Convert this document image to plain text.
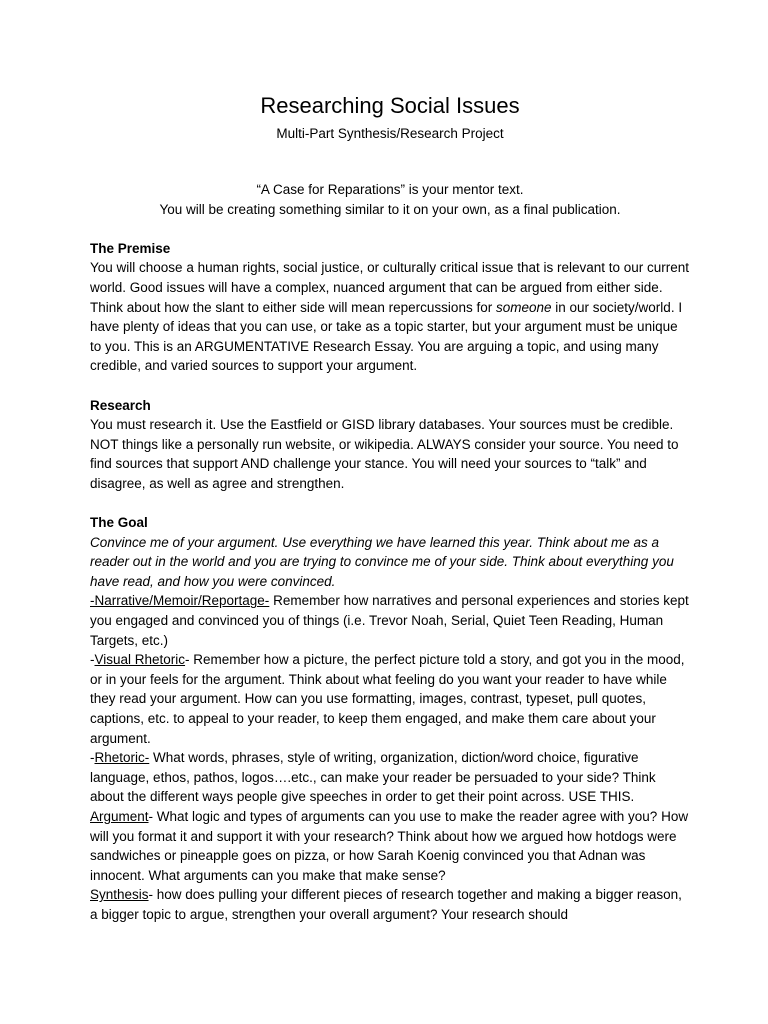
Researching Social Issues

Multi-Part Synthesis/Research Project

“A Case for Reparations” is your mentor text.

You will be creating something similar to it on your own, as a final publication.

The Premise

You will choose a human rights, social justice, or culturally critical issue that is relevant to our current world. Good issues will have a complex, nuanced argument that can be argued from either side. Think about how the slant to either side will mean repercussions for someone in our society/world. I have plenty of ideas that you can use, or take as a topic starter, but your argument must be unique to you. This is an ARGUMENTATIVE Research Essay. You are arguing a topic, and using many credible, and varied sources to support your argument.

Research

You must research it. Use the Eastfield or GISD library databases. Your sources must be credible. NOT things like a personally run website, or wikipedia. ALWAYS consider your source. You need to find sources that support AND challenge your stance. You will need your sources to “talk” and disagree, as well as agree and strengthen.

The Goal

Convince me of your argument. Use everything we have learned this year. Think about me as a reader out in the world and you are trying to convince me of your side. Think about everything you have read, and how you were convinced.

-Narrative/Memoir/Reportage- Remember how narratives and personal experiences and stories kept you engaged and convinced you of things (i.e. Trevor Noah, Serial, Quiet Teen Reading, Human Targets, etc.)

-Visual Rhetoric- Remember how a picture, the perfect picture told a story, and got you in the mood, or in your feels for the argument. Think about what feeling do you want your reader to have while they read your argument. How can you use formatting, images, contrast, typeset, pull quotes, captions, etc. to appeal to your reader, to keep them engaged, and make them care about your argument.

-Rhetoric- What words, phrases, style of writing, organization, diction/word choice, figurative language, ethos, pathos, logos….etc., can make your reader be persuaded to your side? Think about the different ways people give speeches in order to get their point across. USE THIS.

Argument- What logic and types of arguments can you use to make the reader agree with you? How will you format it and support it with your research? Think about how we argued how hotdogs were sandwiches or pineapple goes on pizza, or how Sarah Koenig convinced you that Adnan was innocent. What arguments can you make that make sense?

Synthesis- how does pulling your different pieces of research together and making a bigger reason, a bigger topic to argue, strengthen your overall argument? Your research should
